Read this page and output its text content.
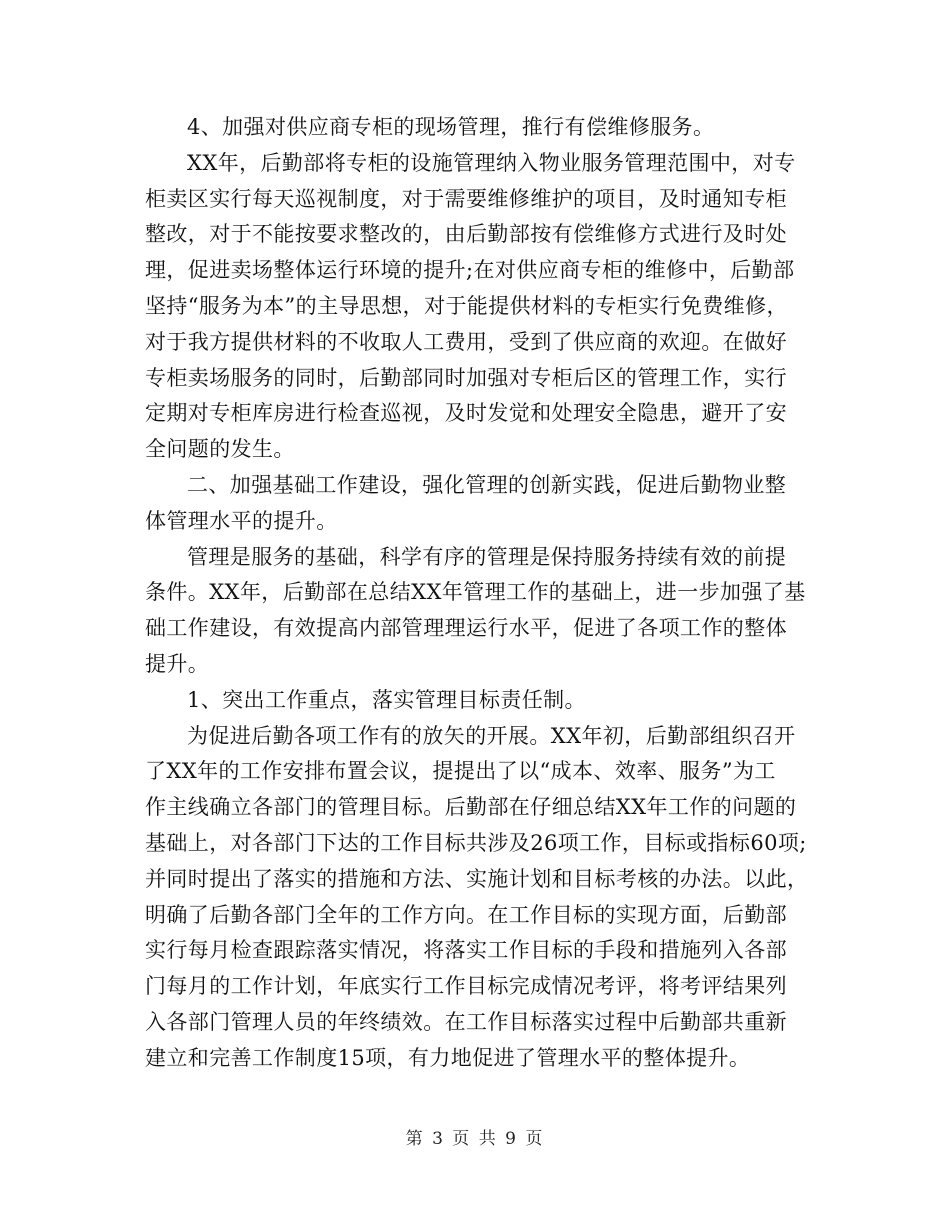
4、加强对供应商专柜的现场管理，推行有偿维修服务。
XX年，后勤部将专柜的设施管理纳入物业服务管理范围中，对专
柜卖区实行每天巡视制度，对于需要维修维护的项目，及时通知专柜
整改，对于不能按要求整改的，由后勤部按有偿维修方式进行及时处
理，促进卖场整体运行环境的提升;在对供应商专柜的维修中，后勤部
坚持“服务为本”的主导思想，对于能提供材料的专柜实行免费维修，
对于我方提供材料的不收取人工费用，受到了供应商的欢迎。在做好
专柜卖场服务的同时，后勤部同时加强对专柜后区的管理工作，实行
定期对专柜库房进行检查巡视，及时发觉和处理安全隐患，避开了安
全问题的发生。
二、加强基础工作建设，强化管理的创新实践，促进后勤物业整
体管理水平的提升。
管理是服务的基础，科学有序的管理是保持服务持续有效的前提
条件。XX年，后勤部在总结XX年管理工作的基础上，进一步加强了基
础工作建设，有效提高内部管理理运行水平，促进了各项工作的整体
提升。
1、突出工作重点，落实管理目标责任制。
为促进后勤各项工作有的放矢的开展。XX年初，后勤部组织召开
了XX年的工作安排布置会议，提提出了以“成本、效率、服务”为工
作主线确立各部门的管理目标。后勤部在仔细总结XX年工作的问题的
基础上，对各部门下达的工作目标共涉及26项工作，目标或指标60项;
并同时提出了落实的措施和方法、实施计划和目标考核的办法。以此，
明确了后勤各部门全年的工作方向。在工作目标的实现方面，后勤部
实行每月检查跟踪落实情况，将落实工作目标的手段和措施列入各部
门每月的工作计划，年底实行工作目标完成情况考评，将考评结果列
入各部门管理人员的年终绩效。在工作目标落实过程中后勤部共重新
建立和完善工作制度15项，有力地促进了管理水平的整体提升。
第 3 页 共 9 页
